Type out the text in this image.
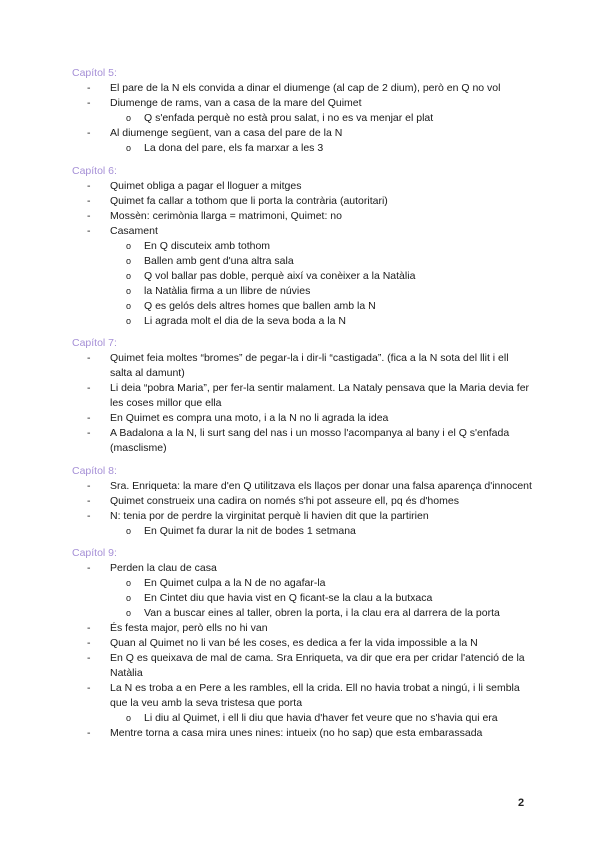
Capítol 5:
- El pare de la N els convida a dinar el diumenge (al cap de 2 dium), però en Q no vol
- Diumenge de rams, van a casa de la mare del Quimet
o Q s'enfada perquè no està prou salat, i no es va menjar el plat
- Al diumenge següent, van a casa del pare de la N
o La dona del pare, els fa marxar a les 3
Capítol 6:
- Quimet obliga a pagar el lloguer a mitges
- Quimet fa callar a tothom que li porta la contrària (autoritari)
- Mossèn: cerimònia llarga = matrimoni, Quimet: no
- Casament
o En Q discuteix amb tothom
o Ballen amb gent d'una altra sala
o Q vol ballar pas doble, perquè així va conèixer a la Natàlia
o la Natàlia firma a un llibre de núvies
o Q es gelós dels altres homes que ballen amb la N
o Li agrada molt el dia de la seva boda a la N
Capítol 7:
- Quimet feia moltes “bromes” de pegar-la i dir-li “castigada”. (fica a la N sota del llit i ell salta al damunt)
- Li deia “pobra Maria”, per fer-la sentir malament. La Nataly pensava que la Maria devia fer les coses millor que ella
- En Quimet es compra una moto, i a la N no li agrada la idea
- A Badalona a la N, li surt sang del nas i un mosso l'acompanya al bany i el Q s'enfada (masclisme)
Capítol 8:
- Sra. Enriqueta: la mare d'en Q utilitzava els llaços per donar una falsa aparença d'innocent
- Quimet construeix una cadira on només s'hi pot asseure ell, pq és d'homes
- N: tenia por de perdre la virginitat perquè li havien dit que la partirien
o En Quimet fa durar la nit de bodes 1 setmana
Capítol 9:
- Perden la clau de casa
o En Quimet culpa a la N de no agafar-la
o En Cintet diu que havia vist en Q ficant-se la clau a la butxaca
o Van a buscar eines al taller, obren la porta, i la clau era al darrera de la porta
- És festa major, però ells no hi van
- Quan al Quimet no li van bé les coses, es dedica a fer la vida impossible a la N
- En Q es queixava de mal de cama. Sra Enriqueta, va dir que era per cridar l'atenció de la Natàlia
- La N es troba a en Pere a les rambles, ell la crida. Ell no havia trobat a ningú, i li sembla que la veu amb la seva tristesa que porta
o Li diu al Quimet, i ell li diu que havia d'haver fet veure que no s'havia qui era
- Mentre torna a casa mira unes nines: intueix (no ho sap) que esta embarassada
2
